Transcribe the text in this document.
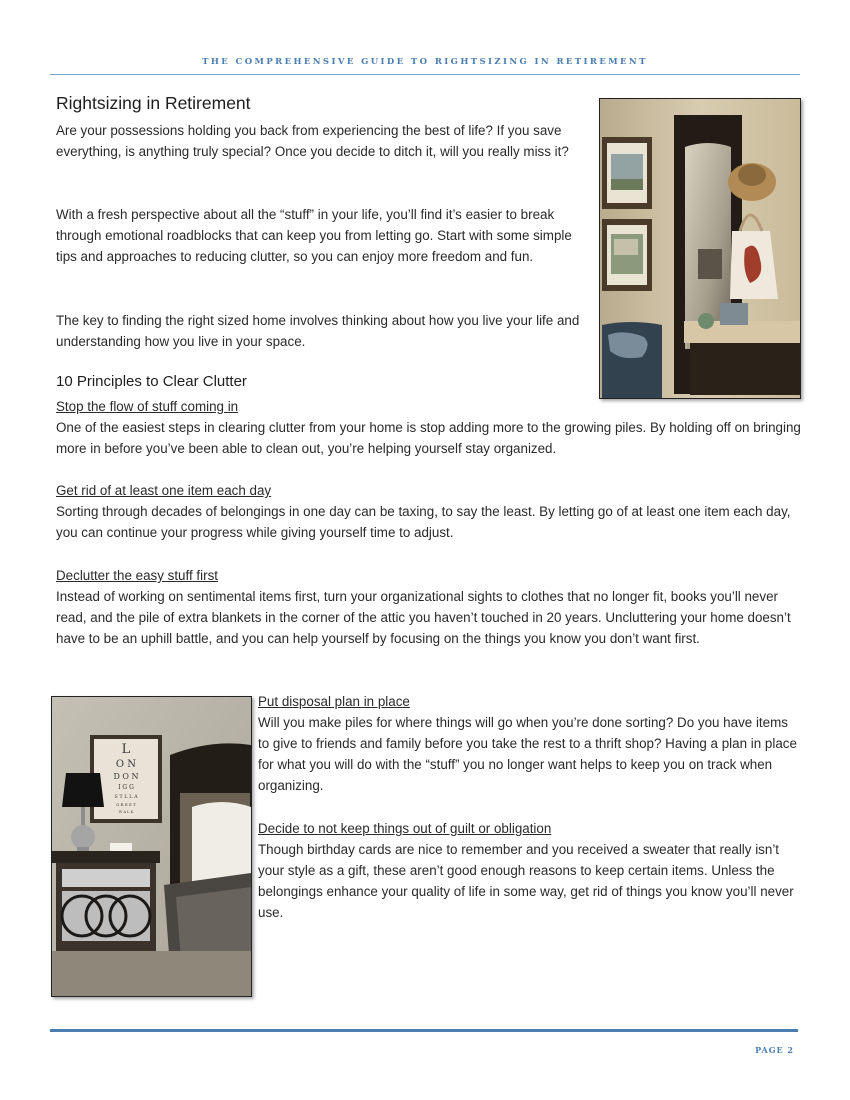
THE COMPREHENSIVE GUIDE TO RIGHTSIZING IN RETIREMENT
Rightsizing in Retirement
Are your possessions holding you back from experiencing the best of life? If you save everything, is anything truly special? Once you decide to ditch it, will you really miss it?
With a fresh perspective about all the “stuff” in your life, you’ll find it’s easier to break through emotional roadblocks that can keep you from letting go. Start with some simple tips and approaches to reducing clutter, so you can enjoy more freedom and fun.
The key to finding the right sized home involves thinking about how you live your life and understanding how you live in your space.
10 Principles to Clear Clutter
Stop the flow of stuff coming in
One of the easiest steps in clearing clutter from your home is stop adding more to the growing piles. By holding off on bringing more in before you’ve been able to clean out, you’re helping yourself stay organized.
Get rid of at least one item each day
Sorting through decades of belongings in one day can be taxing, to say the least. By letting go of at least one item each day, you can continue your progress while giving yourself time to adjust.
Declutter the easy stuff first
Instead of working on sentimental items first, turn your organizational sights to clothes that no longer fit, books you’ll never read, and the pile of extra blankets in the corner of the attic you haven’t touched in 20 years. Uncluttering your home doesn’t have to be an uphill battle, and you can help yourself by focusing on the things you know you don’t want first.
L
O N
D O N
I G G
S T L L A
G R E E T
W A L K
Put disposal plan in place
Will you make piles for where things will go when you’re done sorting? Do you have items to give to friends and family before you take the rest to a thrift shop? Having a plan in place for what you will do with the “stuff” you no longer want helps to keep you on track when organizing.
Decide to not keep things out of guilt or obligation
Though birthday cards are nice to remember and you received a sweater that really isn’t your style as a gift, these aren’t good enough reasons to keep certain items. Unless the belongings enhance your quality of life in some way, get rid of things you know you’ll never use.
PAGE 2
